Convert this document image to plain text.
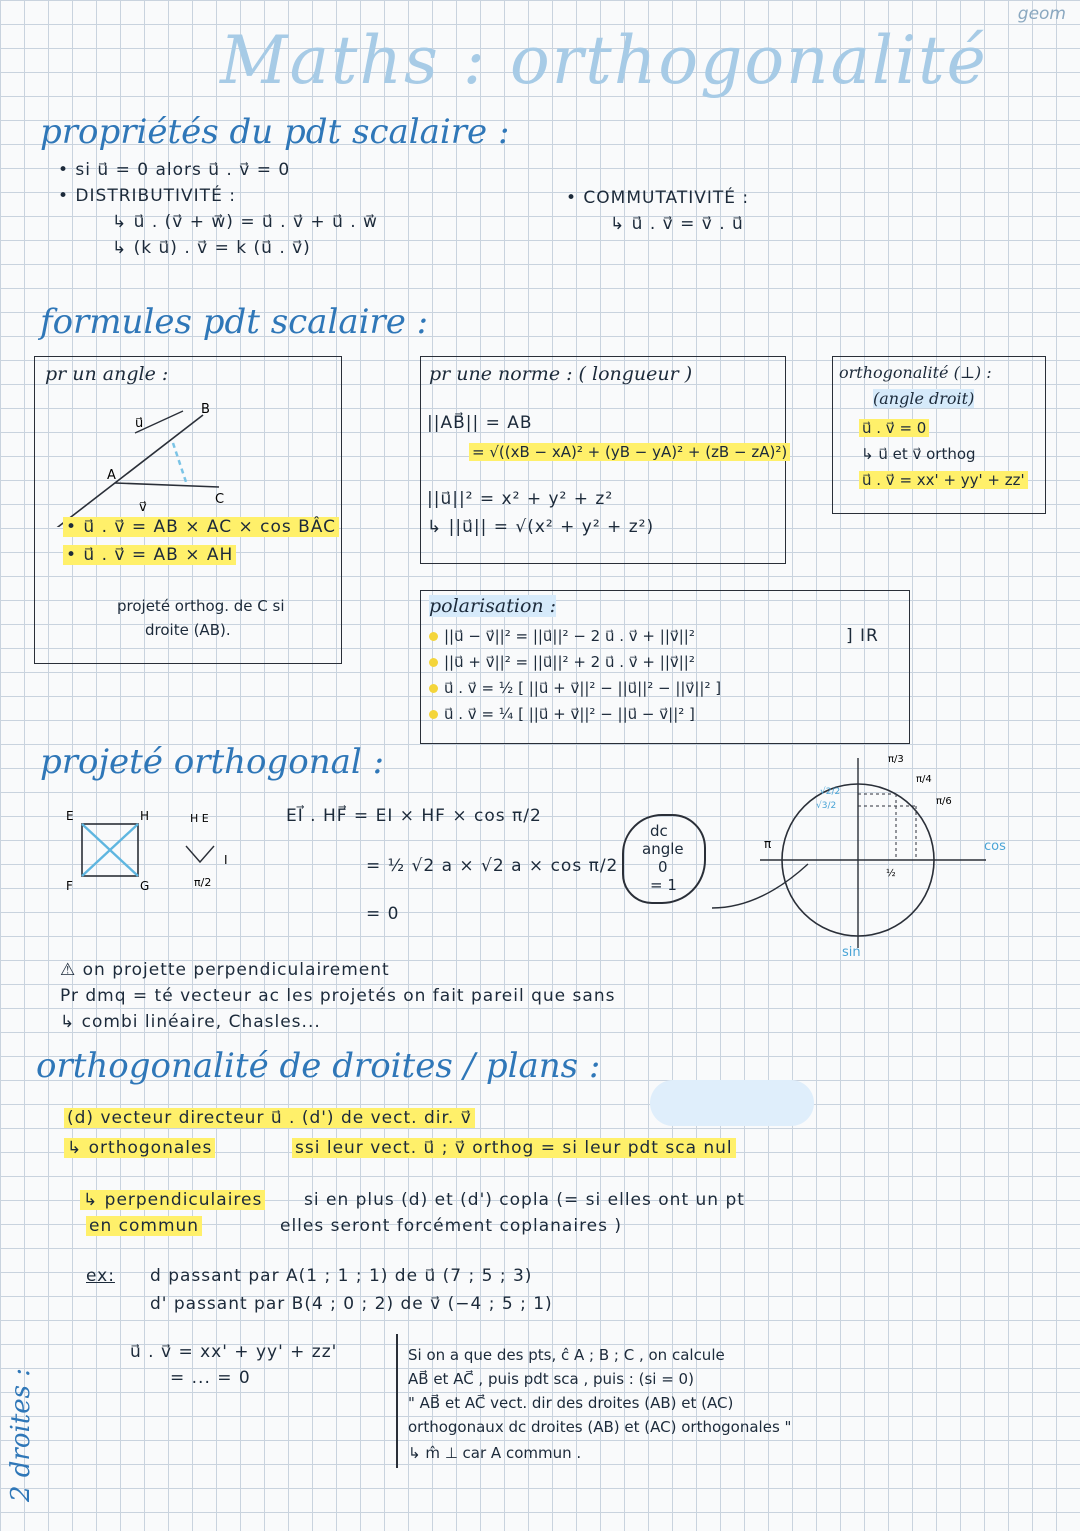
Maths : orthogonalité
geom
propriétés du pdt scalaire :
• si u⃗ = 0 alors u⃗ . v⃗ = 0
• DISTRIBUTIVITÉ :
↳ u⃗ . (v⃗ + w⃗) = u⃗ . v⃗ + u⃗ . w⃗
↳ (k u⃗) . v⃗ = k (u⃗ . v⃗)
• COMMUTATIVITÉ :
↳ u⃗ . v⃗ = v⃗ . u⃗
formules pdt scalaire :
pr un angle :
A
B
C
u⃗
v⃗
• u⃗ . v⃗ = AB × AC × cos BÂC
• u⃗ . v⃗ = AB × AH
projeté orthog. de C si
droite (AB).
pr une norme : ( longueur )
||AB⃗|| = AB
= √((xB − xA)² + (yB − yA)² + (zB − zA)²)
||u⃗||² = x² + y² + z²
↳ ||u⃗|| = √(x² + y² + z²)
orthogonalité (⊥) :
(angle droit)
u⃗ . v⃗ = 0
↳ u⃗ et v⃗ orthog
u⃗ . v⃗ = xx' + yy' + zz'
polarisation :
||u⃗ − v⃗||² = ||u⃗||² − 2 u⃗ . v⃗ + ||v⃗||²
||u⃗ + v⃗||² = ||u⃗||² + 2 u⃗ . v⃗ + ||v⃗||²
u⃗ . v⃗ = ½ [ ||u⃗ + v⃗||² − ||u⃗||² − ||v⃗||² ]
u⃗ . v⃗ = ¼ [ ||u⃗ + v⃗||² − ||u⃗ − v⃗||² ]
] IR
projeté orthogonal :
E	H
F	G
H E
I
π/2
EI⃗ . HF⃗ = EI × HF × cos π/2
= ½ √2 a × √2 a × cos π/2
= 0
dc
angle
0
= 1
cos
sin
π
π/3
π/4
π/6
√2/2
√3/2
½
⚠ on projette perpendiculairement
Pr dmq = té vecteur ac les projetés on fait pareil que sans
↳ combi linéaire, Chasles...
orthogonalité de droites / plans :
(d) vecteur directeur u⃗ . (d') de vect. dir. v⃗
↳ orthogonales	ssi leur vect. u⃗ ; v⃗ orthog = si leur pdt sca nul
↳ perpendiculaires si en plus (d) et (d') copla (= si elles ont un pt
en commun	elles seront forcément coplanaires )
ex: d passant par A(1 ; 1 ; 1) de u⃗ (7 ; 5 ; 3)
d' passant par B(4 ; 0 ; 2) de v⃗ (−4 ; 5 ; 1)
u⃗ . v⃗ = xx' + yy' + zz'
= ... = 0
Si on a que des pts, ĉ A ; B ; C , on calcule
AB⃗ et AC⃗ , puis pdt sca , puis : (si = 0)
" AB⃗ et AC⃗ vect. dir des droites (AB) et (AC)
orthogonaux dc droites (AB) et (AC) orthogonales "
↳ m̂ ⊥ car A commun .
2 droites :
